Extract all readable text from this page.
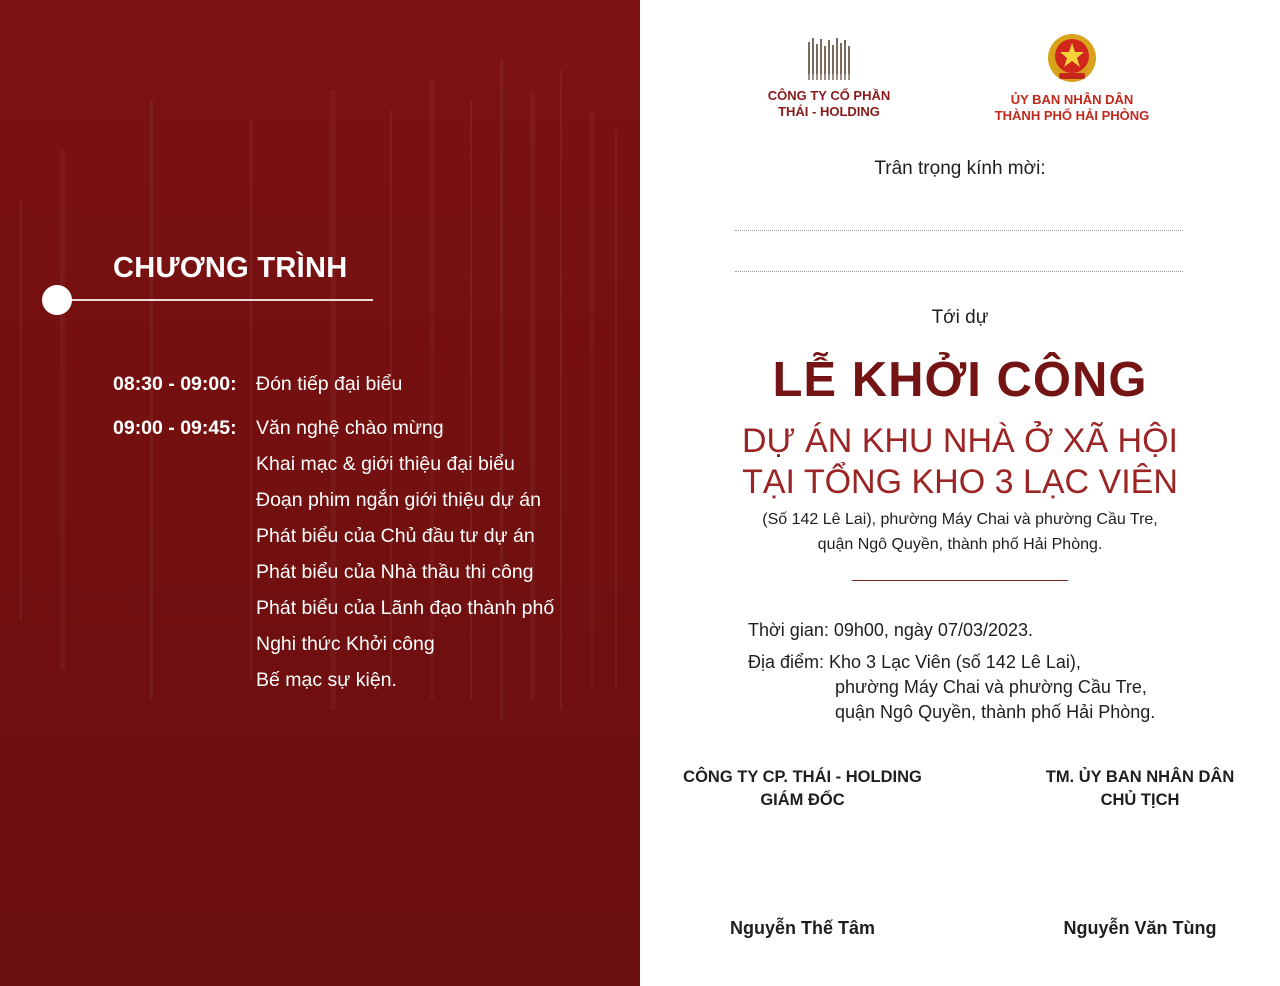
CHƯƠNG TRÌNH
08:30 - 09:00: Đón tiếp đại biểu
09:00 - 09:45: Văn nghệ chào mừng
Khai mạc & giới thiệu đại biểu
Đoạn phim ngắn giới thiệu dự án
Phát biểu của Chủ đầu tư dự án
Phát biểu của Nhà thầu thi công
Phát biểu của Lãnh đạo thành phố
Nghi thức Khởi công
Bế mạc sự kiện.
CÔNG TY CỔ PHẦN
THÁI - HOLDING
ỦY BAN NHÂN DÂN
THÀNH PHỐ HẢI PHÒNG
Trân trọng kính mời:
Tới dự
LỄ KHỞI CÔNG
DỰ ÁN KHU NHÀ Ở XÃ HỘI
TẠI TỔNG KHO 3 LẠC VIÊN
(Số 142 Lê Lai), phường Máy Chai và phường Cầu Tre,
quận Ngô Quyền, thành phố Hải Phòng.
Thời gian: 09h00, ngày 07/03/2023.
Địa điểm: Kho 3 Lạc Viên (số 142 Lê Lai),
phường Máy Chai và phường Cầu Tre,
quận Ngô Quyền, thành phố Hải Phòng.
CÔNG TY CP. THÁI - HOLDING
GIÁM ĐỐC
TM. ỦY BAN NHÂN DÂN
CHỦ TỊCH
Nguyễn Thế Tâm	Nguyễn Văn Tùng
